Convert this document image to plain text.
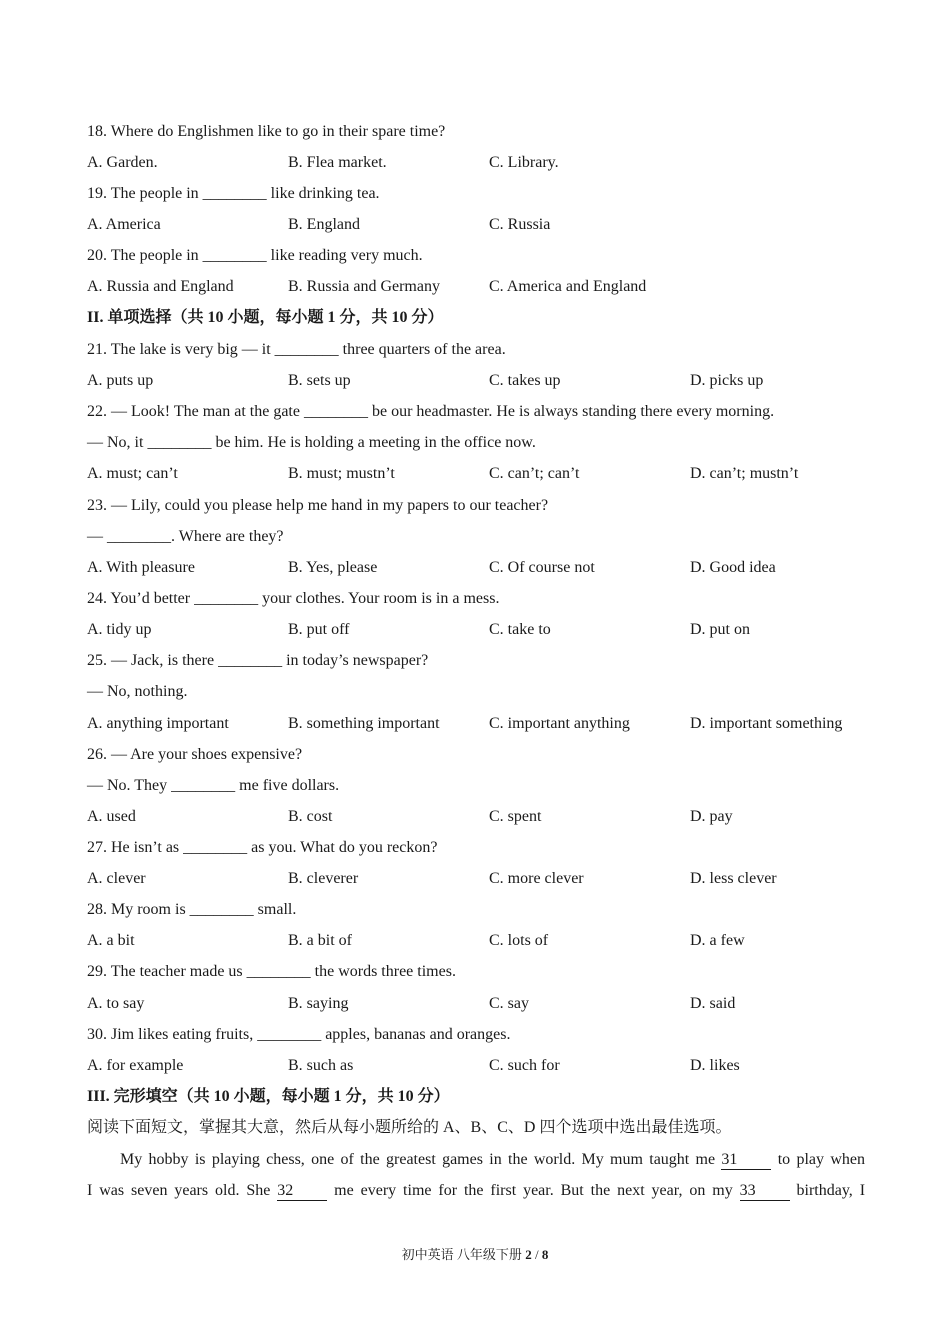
18. Where do Englishmen like to go in their spare time?
A. Garden.	B. Flea market.	C. Library.
19. The people in ________ like drinking tea.
A. America	B. England	C. Russia
20. The people in ________ like reading very much.
A. Russia and England	B. Russia and Germany	C. America and England
II. 单项选择（共 10 小题，每小题 1 分，共 10 分）
21. The lake is very big — it ________ three quarters of the area.
A. puts up	B. sets up	C. takes up	D. picks up
22. — Look! The man at the gate ________ be our headmaster. He is always standing there every morning.
— No, it ________ be him. He is holding a meeting in the office now.
A. must; can’t	B. must; mustn’t	C. can’t; can’t	D. can’t; mustn’t
23. — Lily, could you please help me hand in my papers to our teacher?
— ________. Where are they?
A. With pleasure	B. Yes, please	C. Of course not	D. Good idea
24. You’d better ________ your clothes. Your room is in a mess.
A. tidy up	B. put off	C. take to	D. put on
25. — Jack, is there ________ in today’s newspaper?
— No, nothing.
A. anything important	B. something important	C. important anything	D. important something
26. — Are your shoes expensive?
— No. They ________ me five dollars.
A. used	B. cost	C. spent	D. pay
27. He isn’t as ________ as you. What do you reckon?
A. clever	B. cleverer	C. more clever	D. less clever
28. My room is ________ small.
A. a bit	B. a bit of	C. lots of	D. a few
29. The teacher made us ________ the words three times.
A. to say	B. saying	C. say	D. said
30. Jim likes eating fruits, ________ apples, bananas and oranges.
A. for example	B. such as	C. such for	D. likes
III. 完形填空（共 10 小题，每小题 1 分，共 10 分）
阅读下面短文，掌握其大意，然后从每小题所给的 A、B、C、D 四个选项中选出最佳选项。
My hobby is playing chess, one of the greatest games in the world. My mum taught me 31	to play when
I was seven years old. She 32	me every time for the first year. But the next year, on my 33	birthday, I
初中英语 八年级下册 2 / 8
